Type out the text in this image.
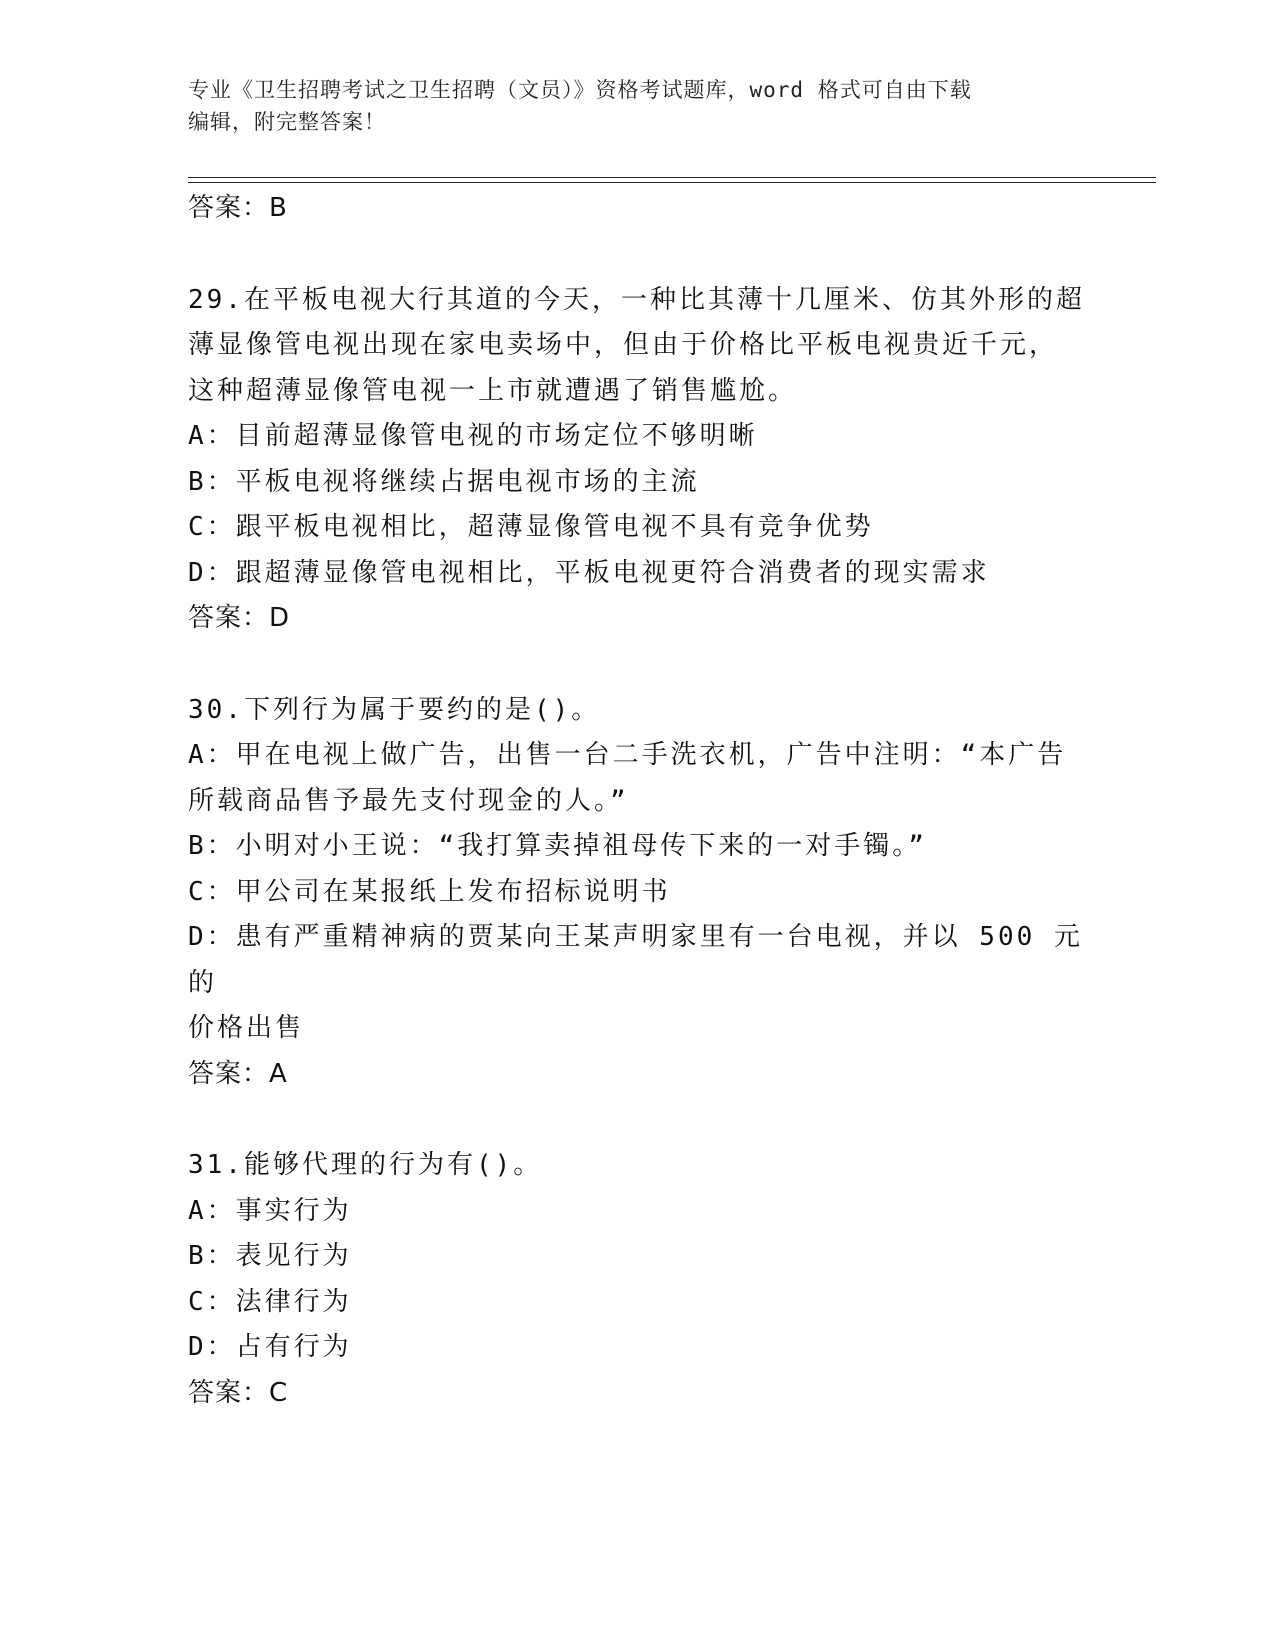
专业《卫生招聘考试之卫生招聘（文员）》资格考试题库，word 格式可自由下载
编辑，附完整答案！
答案：B
29.在平板电视大行其道的今天，一种比其薄十几厘米、仿其外形的超
薄显像管电视出现在家电卖场中，但由于价格比平板电视贵近千元，
这种超薄显像管电视一上市就遭遇了销售尴尬。
A：目前超薄显像管电视的市场定位不够明晰
B：平板电视将继续占据电视市场的主流
C：跟平板电视相比，超薄显像管电视不具有竞争优势
D：跟超薄显像管电视相比，平板电视更符合消费者的现实需求
答案：D
30.下列行为属于要约的是()。
A：甲在电视上做广告，出售一台二手洗衣机，广告中注明：“本广告
所载商品售予最先支付现金的人。”
B：小明对小王说：“我打算卖掉祖母传下来的一对手镯。”
C：甲公司在某报纸上发布招标说明书
D：患有严重精神病的贾某向王某声明家里有一台电视，并以 500 元的
价格出售
答案：A
31.能够代理的行为有()。
A：事实行为
B：表见行为
C：法律行为
D：占有行为
答案：C
